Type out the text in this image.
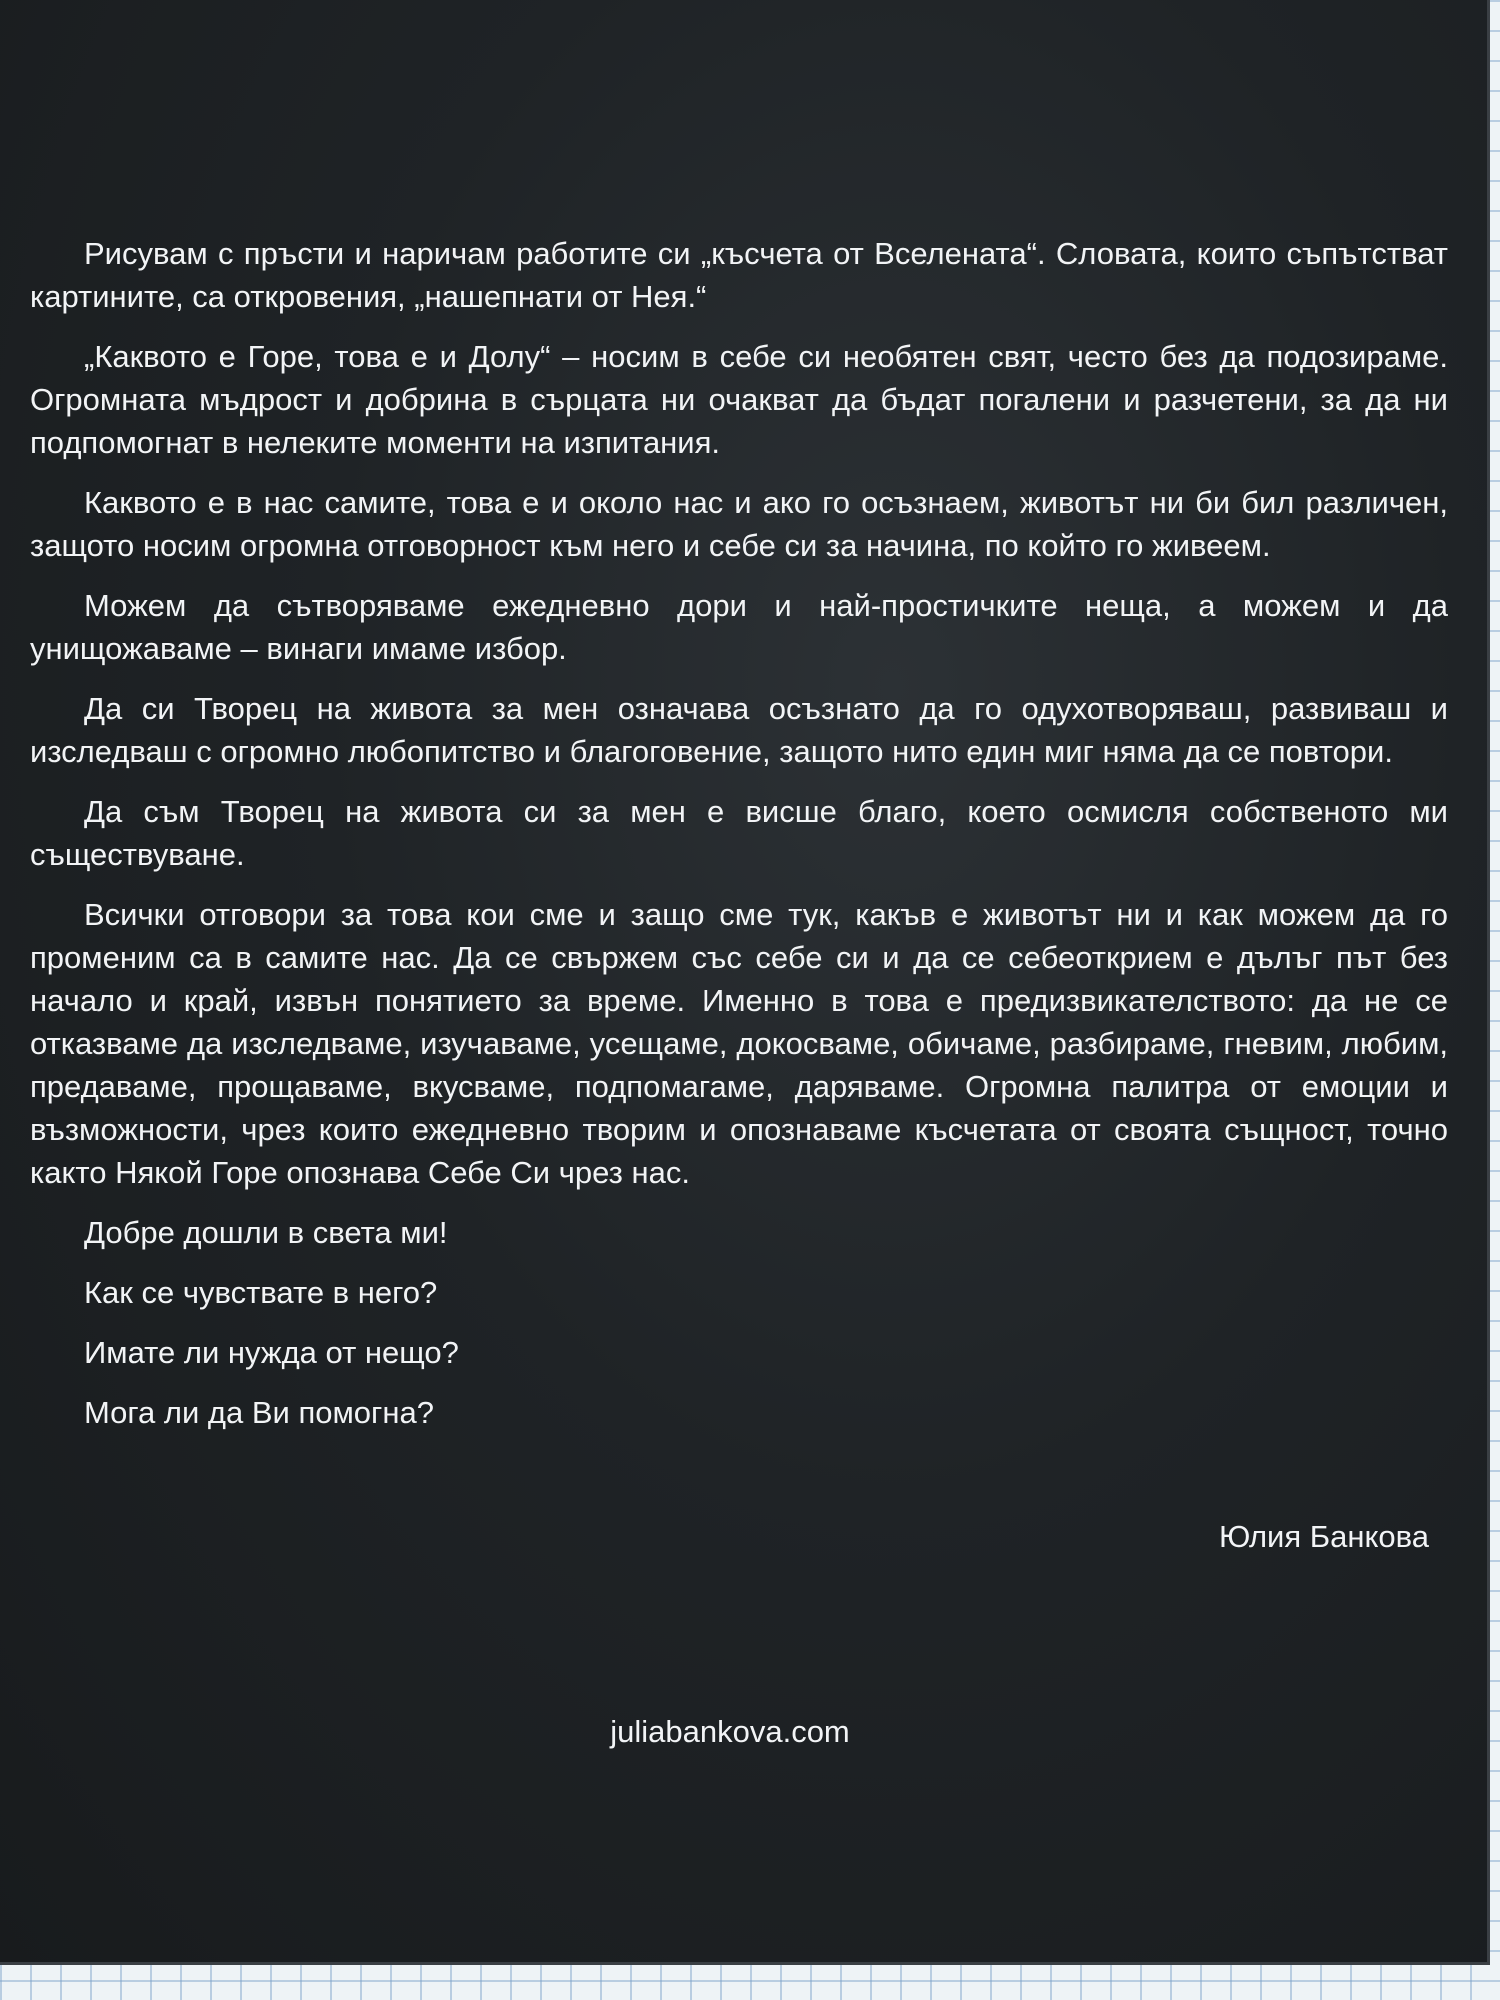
Рисувам с пръсти и наричам работите си „късчета от Вселената“. Словата, които съпътстват картините, са откровения, „нашепнати от Нея.“

„Каквото е Горе, това е и Долу“ – носим в себе си необятен свят, често без да подозираме. Огромната мъдрост и добрина в сърцата ни очакват да бъдат погалени и разчетени, за да ни подпомогнат в нелеките моменти на изпитания.

Каквото е в нас самите, това е и около нас и ако го осъзнаем, животът ни би бил различен, защото носим огромна отговорност към него и себе си за начина, по който го живеем.

Можем да сътворяваме ежедневно дори и най-простичките неща, а можем и да унищожаваме – винаги имаме избор.

Да си Творец на живота за мен означава осъзнато да го одухотворяваш, развиваш и изследваш с огромно любопитство и благоговение, защото нито един миг няма да се повтори.

Да съм Творец на живота си за мен е висше благо, което осмисля собственото ми съществуване.

Всички отговори за това кои сме и защо сме тук, какъв е животът ни и как можем да го променим са в самите нас. Да се свържем със себе си и да се себеоткрием е дълъг път без начало и край, извън понятието за време. Именно в това е предизвикателството: да не се отказваме да изследваме, изучаваме, усещаме, докосваме, обичаме, разбираме, гневим, любим, предаваме, прощаваме, вкусваме, подпомагаме, даряваме. Огромна палитра от емоции и възможности, чрез които ежедневно творим и опознаваме късчетата от своята същност, точно както Някой Горе опознава Себе Си чрез нас.

Добре дошли в света ми!

Как се чувствате в него?

Имате ли нужда от нещо?

Мога ли да Ви помогна?

Юлия Банкова
juliabankova.com
